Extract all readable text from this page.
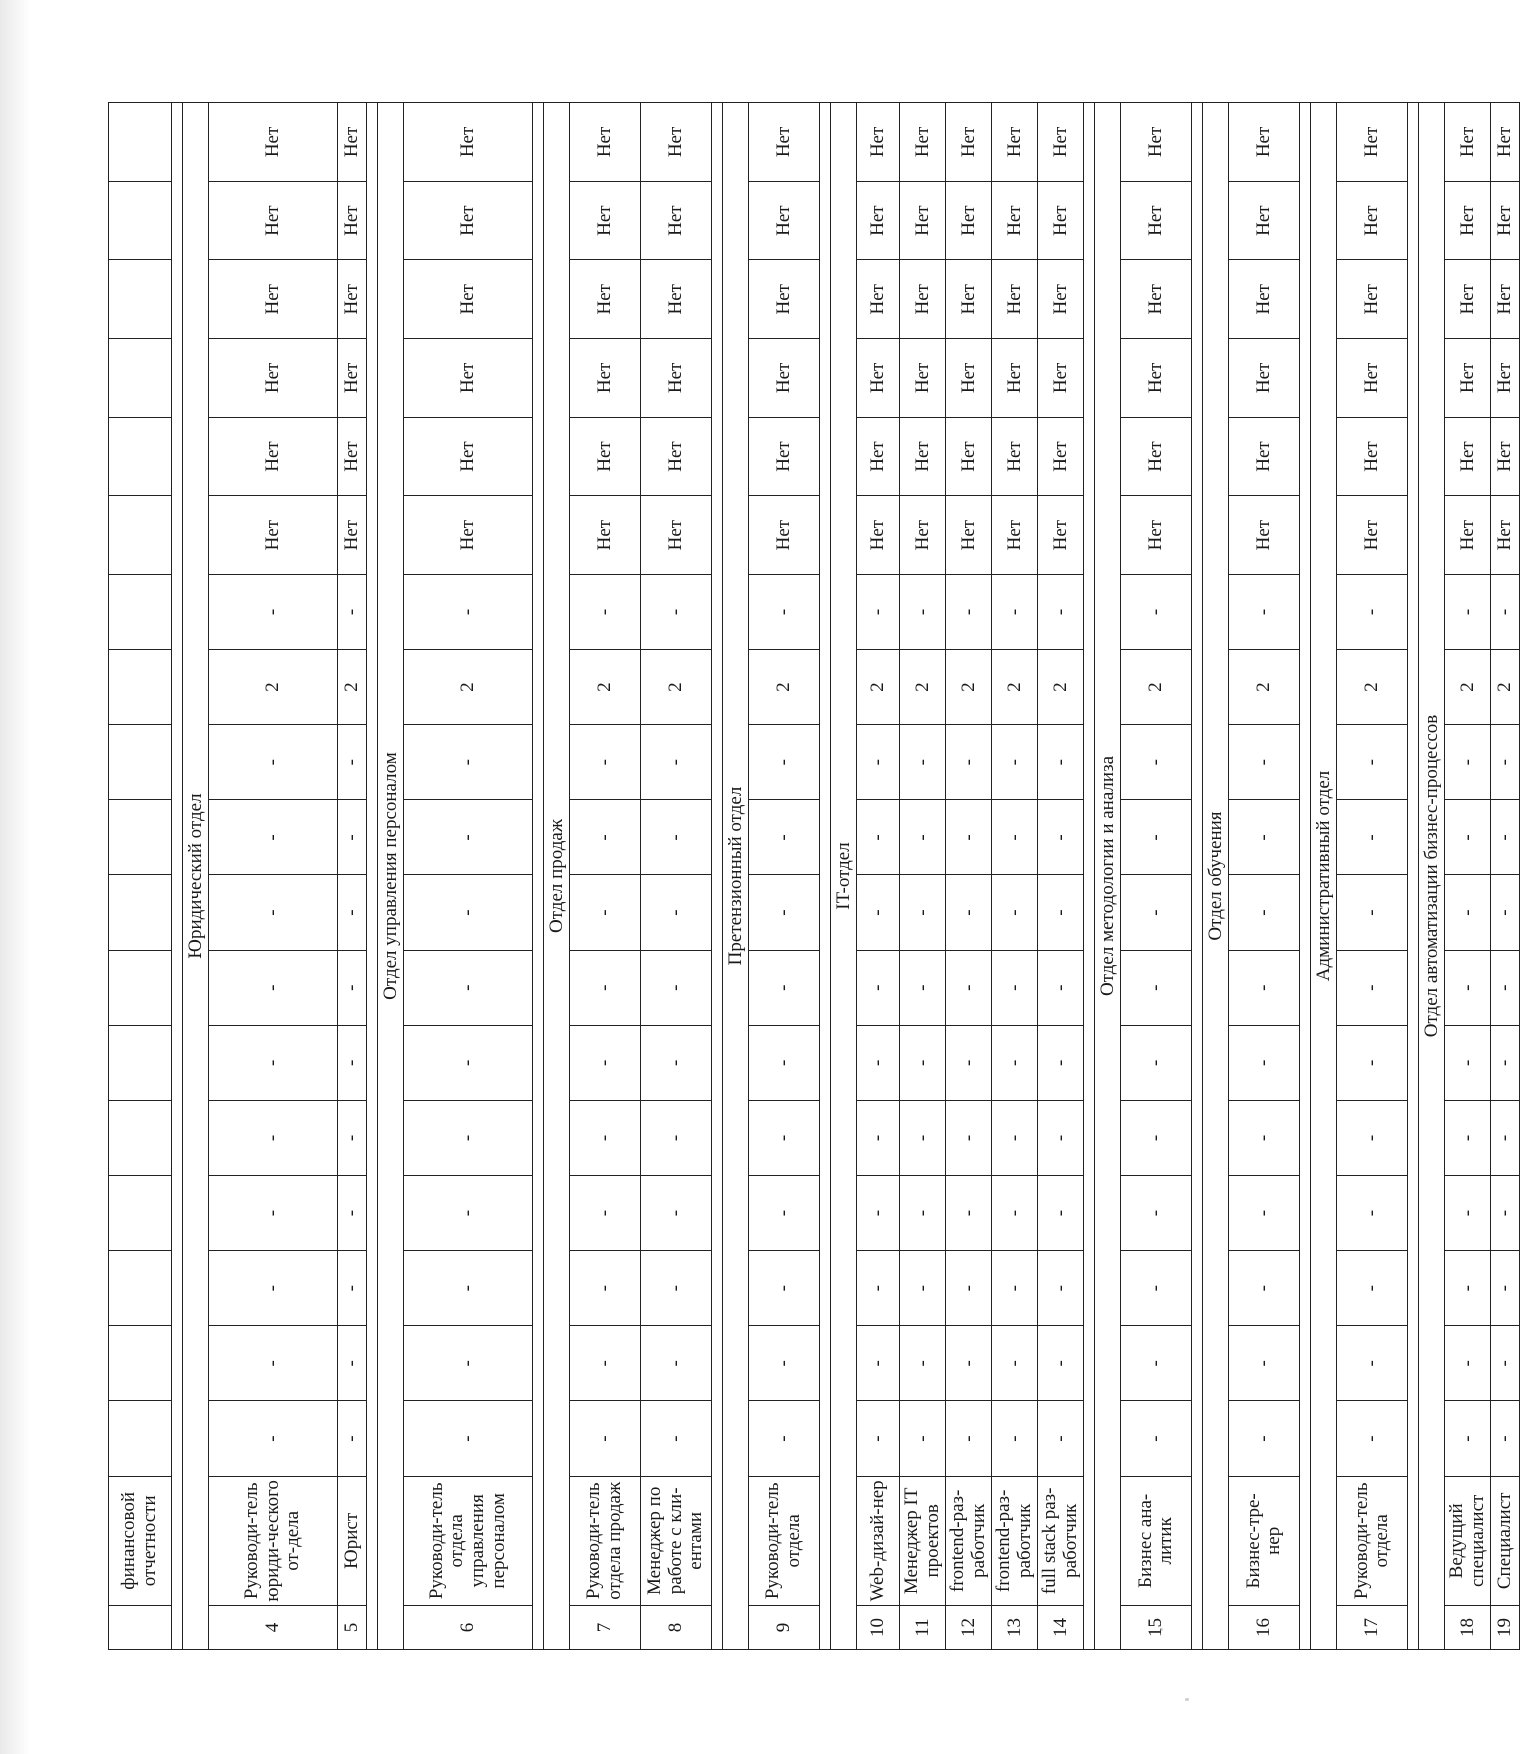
	финансовой отчетности																		

Юридический отдел																			
4	Руководи-тель юриди-ческого от-дела	-	-	-	-	-	-	-	-	-	-	2	-	Нет	Нет	Нет	Нет	Нет	Нет
5	Юрист	-	-	-	-	-	-	-	-	-	-	2	-	Нет	Нет	Нет	Нет	Нет	Нет

Отдел управления персоналом																			
6	Руководи-тель отдела управления персоналом	-	-	-	-	-	-	-	-	-	-	2	-	Нет	Нет	Нет	Нет	Нет	Нет

Отдел продаж																			
7	Руководи-тель отдела продаж	-	-	-	-	-	-	-	-	-	-	2	-	Нет	Нет	Нет	Нет	Нет	Нет
8	Менеджер по работе с кли-ентами	-	-	-	-	-	-	-	-	-	-	2	-	Нет	Нет	Нет	Нет	Нет	Нет

Претензионный отдел																			
9	Руководи-тель отдела	-	-	-	-	-	-	-	-	-	-	2	-	Нет	Нет	Нет	Нет	Нет	Нет

IT-отдел																			
10	Web-дизай-нер	-	-	-	-	-	-	-	-	-	-	2	-	Нет	Нет	Нет	Нет	Нет	Нет
11	Менеджер IT проектов	-	-	-	-	-	-	-	-	-	-	2	-	Нет	Нет	Нет	Нет	Нет	Нет
12	frontend-раз-работчик	-	-	-	-	-	-	-	-	-	-	2	-	Нет	Нет	Нет	Нет	Нет	Нет
13	frontend-раз-работчик	-	-	-	-	-	-	-	-	-	-	2	-	Нет	Нет	Нет	Нет	Нет	Нет
14	full stack раз-работчик	-	-	-	-	-	-	-	-	-	-	2	-	Нет	Нет	Нет	Нет	Нет	Нет

Отдел методологии и анализа																			
15	Бизнес ана-литик	-	-	-	-	-	-	-	-	-	-	2	-	Нет	Нет	Нет	Нет	Нет	Нет

Отдел обучения																			
16	Бизнес-тре-нер	-	-	-	-	-	-	-	-	-	-	2	-	Нет	Нет	Нет	Нет	Нет	Нет

Административный отдел																			
17	Руководи-тель отдела	-	-	-	-	-	-	-	-	-	-	2	-	Нет	Нет	Нет	Нет	Нет	Нет

Отдел автоматизации бизнес-процессов																			
18	Ведущий специалист	-	-	-	-	-	-	-	-	-	-	2	-	Нет	Нет	Нет	Нет	Нет	Нет
19	Специалист	-	-	-	-	-	-	-	-	-	-	2	-	Нет	Нет	Нет	Нет	Нет	Нет
